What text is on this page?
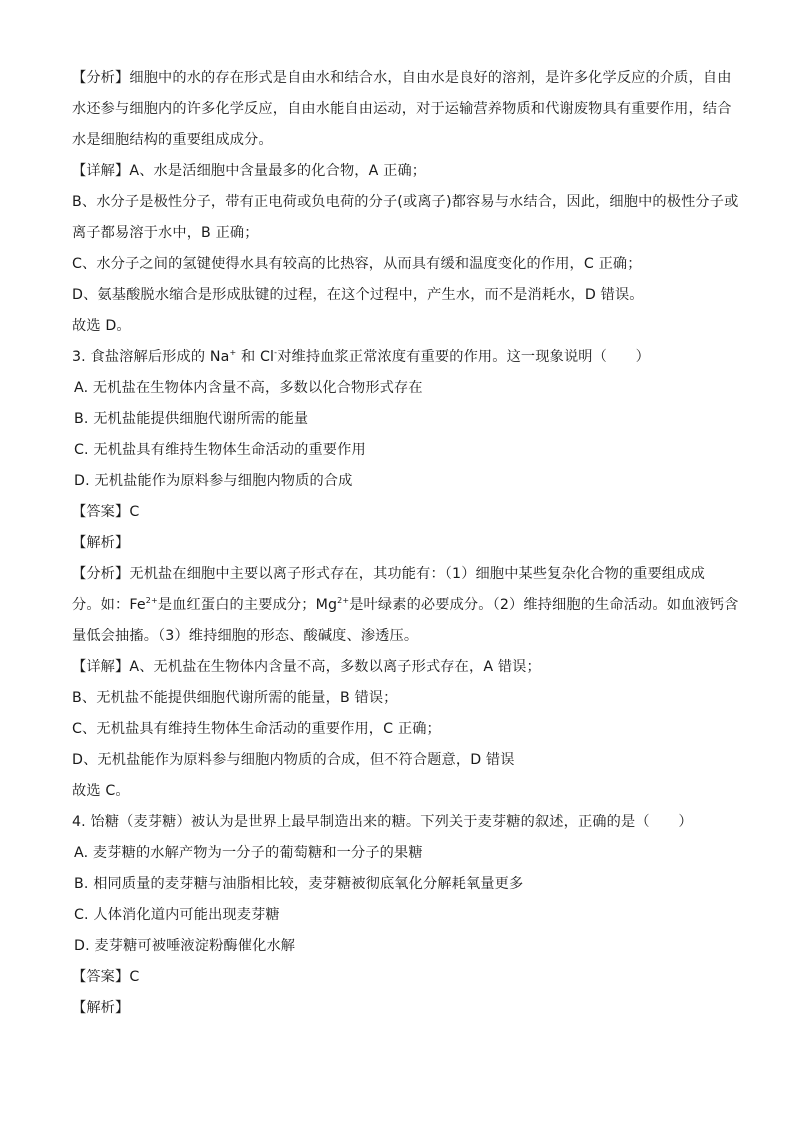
【分析】细胞中的水的存在形式是自由水和结合水，自由水是良好的溶剂，是许多化学反应的介质，自由
水还参与细胞内的许多化学反应，自由水能自由运动，对于运输营养物质和代谢废物具有重要作用，结合
水是细胞结构的重要组成成分。
【详解】A、水是活细胞中含量最多的化合物，A 正确；
B、水分子是极性分子，带有正电荷或负电荷的分子(或离子)都容易与水结合，因此，细胞中的极性分子或
离子都易溶于水中，B 正确；
C、水分子之间的氢键使得水具有较高的比热容，从而具有缓和温度变化的作用，C 正确；
D、氨基酸脱水缩合是形成肽键的过程，在这个过程中，产生水，而不是消耗水，D 错误。
故选 D。
3. 食盐溶解后形成的 Na+ 和 Cl-对维持血浆正常浓度有重要的作用。这一现象说明（　　）
A. 无机盐在生物体内含量不高，多数以化合物形式存在
B. 无机盐能提供细胞代谢所需的能量
C. 无机盐具有维持生物体生命活动的重要作用
D. 无机盐能作为原料参与细胞内物质的合成
【答案】C
【解析】
【分析】无机盐在细胞中主要以离子形式存在，其功能有：（1）细胞中某些复杂化合物的重要组成成
分。如：$Fe^{2+}$是血红蛋白的主要成分；$Mg^{2+}$是叶绿素的必要成分。（2）维持细胞的生命活动。如血液钙含
量低会抽搐。（3）维持细胞的形态、酸碱度、渗透压。
【详解】A、无机盐在生物体内含量不高，多数以离子形式存在，A 错误；
B、无机盐不能提供细胞代谢所需的能量，B 错误；
C、无机盐具有维持生物体生命活动的重要作用，C 正确；
D、无机盐能作为原料参与细胞内物质的合成，但不符合题意，D 错误
故选 C。
4. 饴糖（麦芽糖）被认为是世界上最早制造出来的糖。下列关于麦芽糖的叙述，正确的是（　　）
A. 麦芽糖的水解产物为一分子的葡萄糖和一分子的果糖
B. 相同质量的麦芽糖与油脂相比较，麦芽糖被彻底氧化分解耗氧量更多
C. 人体消化道内可能出现麦芽糖
D. 麦芽糖可被唾液淀粉酶催化水解
【答案】C
【解析】
